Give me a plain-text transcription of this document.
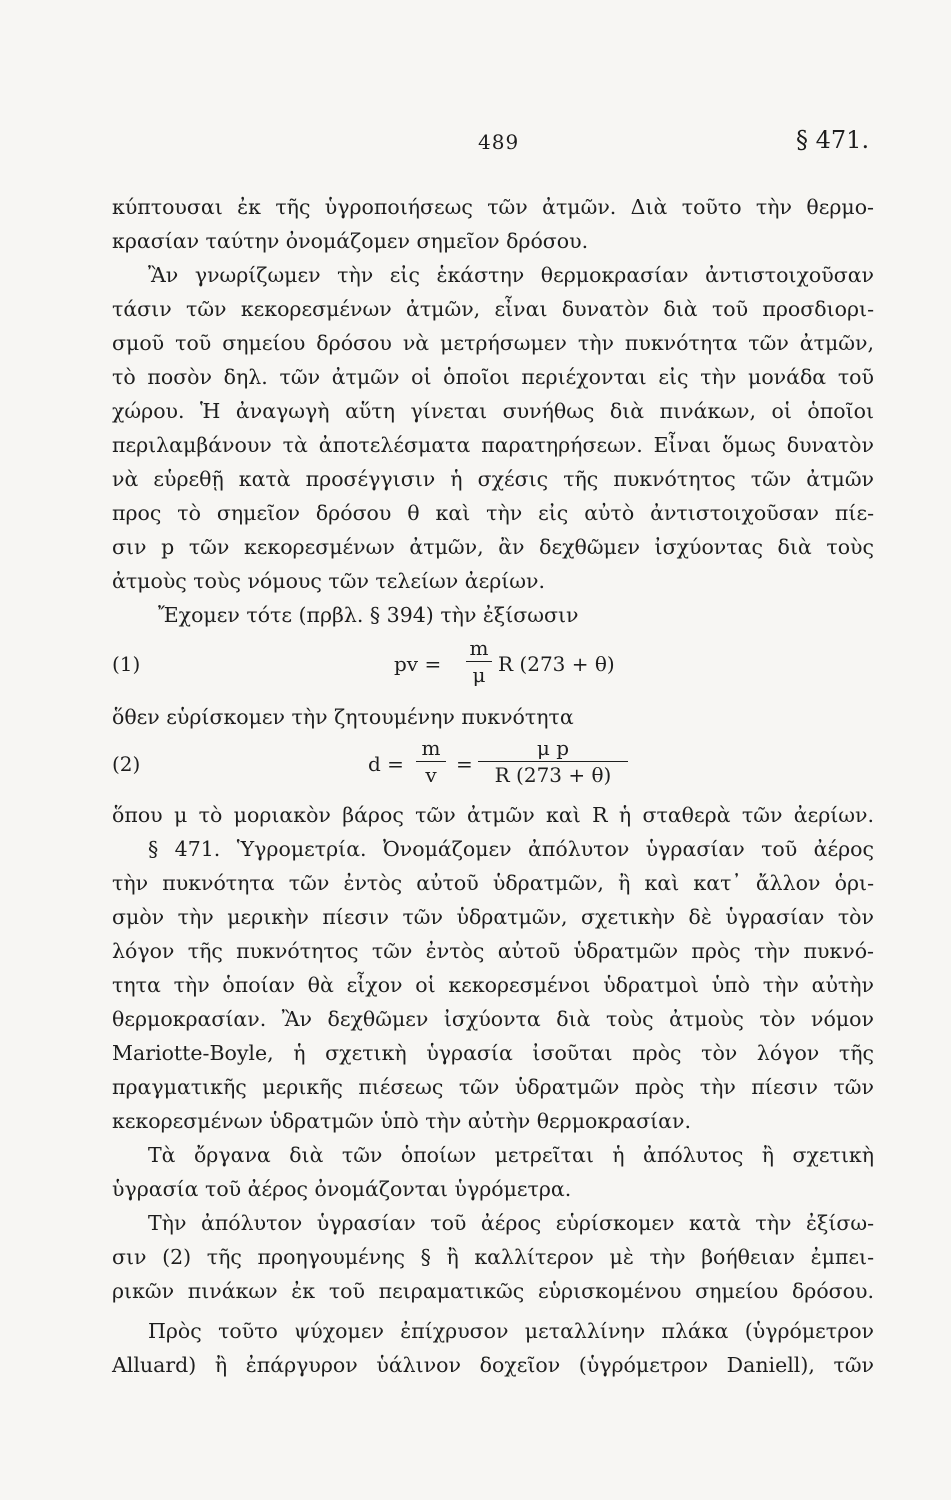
489	§ 471.
κύπτουσαι ἐκ τῆς ὑγροποιήσεως τῶν ἀτμῶν. Διὰ τοῦτο τὴν θερμο-
κρασίαν ταύτην ὀνομάζομεν σημεῖον δρόσου.
Ἂν γνωρίζωμεν τὴν εἰς ἑκάστην θερμοκρασίαν ἀντιστοιχοῦσαν
τάσιν τῶν κεκορεσμένων ἀτμῶν, εἶναι δυνατὸν διὰ τοῦ προσδιορι-
σμοῦ τοῦ σημείου δρόσου νὰ μετρήσωμεν τὴν πυκνότητα τῶν ἀτμῶν,
τὸ ποσὸν δηλ. τῶν ἀτμῶν οἱ ὁποῖοι περιέχονται εἰς τὴν μονάδα τοῦ
χώρου. Ἡ ἀναγωγὴ αὕτη γίνεται συνήθως διὰ πινάκων, οἱ ὁποῖοι
περιλαμβάνουν τὰ ἀποτελέσματα παρατηρήσεων. Εἶναι ὅμως δυνατὸν
νὰ εὑρεθῇ κατὰ προσέγγισιν ἡ σχέσις τῆς πυκνότητος τῶν ἀτμῶν
προς τὸ σημεῖον δρόσου θ καὶ τὴν εἰς αὐτὸ ἀντιστοιχοῦσαν πίε-
σιν p τῶν κεκορεσμένων ἀτμῶν, ἂν δεχθῶμεν ἰσχύοντας διὰ τοὺς
ἀτμοὺς τοὺς νόμους τῶν τελείων ἀερίων.
Ἔχομεν τότε (πρβλ. § 394) τὴν ἐξίσωσιν
(1)	pv = $\frac{m}{\mu}$ R (273 + θ)
ὅθεν εὑρίσκομεν τὴν ζητουμένην πυκνότητα
(2)	$d = \frac{m}{v} = \frac{\text{μ p}}{R (273 + \theta)}$
ὅπου μ τὸ μοριακὸν βάρος τῶν ἀτμῶν καὶ R ἡ σταθερὰ τῶν ἀερίων.
§ 471. Ὑγρομετρία. Ὀνομάζομεν ἀπόλυτον ὑγρασίαν τοῦ ἀέρος
τὴν πυκνότητα τῶν ἐντὸς αὐτοῦ ὑδρατμῶν, ἢ καὶ κατ᾽ ἄλλον ὁρι-
σμὸν τὴν μερικὴν πίεσιν τῶν ὑδρατμῶν, σχετικὴν δὲ ὑγρασίαν τὸν
λόγον τῆς πυκνότητος τῶν ἐντὸς αὐτοῦ ὑδρατμῶν πρὸς τὴν πυκνό-
τητα τὴν ὁποίαν θὰ εἶχον οἱ κεκορεσμένοι ὑδρατμοὶ ὑπὸ τὴν αὐτὴν
θερμοκρασίαν. Ἂν δεχθῶμεν ἰσχύοντα διὰ τοὺς ἀτμοὺς τὸν νόμον
Mariotte-Boyle, ἡ σχετικὴ ὑγρασία ἰσοῦται πρὸς τὸν λόγον τῆς
πραγματικῆς μερικῆς πιέσεως τῶν ὑδρατμῶν πρὸς τὴν πίεσιν τῶν
κεκορεσμένων ὑδρατμῶν ὑπὸ τὴν αὐτὴν θερμοκρασίαν.
Τὰ ὄργανα διὰ τῶν ὁποίων μετρεῖται ἡ ἀπόλυτος ἢ σχετικὴ
ὑγρασία τοῦ ἀέρος ὀνομάζονται ὑγρόμετρα.
Τὴν ἀπόλυτον ὑγρασίαν τοῦ ἀέρος εὑρίσκομεν κατὰ τὴν ἐξίσω-
σιν (2) τῆς προηγουμένης § ἢ καλλίτερον μὲ τὴν βοήθειαν ἐμπει-
ρικῶν πινάκων ἐκ τοῦ πειραματικῶς εὑρισκομένου σημείου δρόσου.
Πρὸς τοῦτο ψύχομεν ἐπίχρυσον μεταλλίνην πλάκα (ὑγρόμετρον
Alluard) ἢ ἐπάργυρον ὑάλινον δοχεῖον (ὑγρόμετρον Daniell), τῶν
